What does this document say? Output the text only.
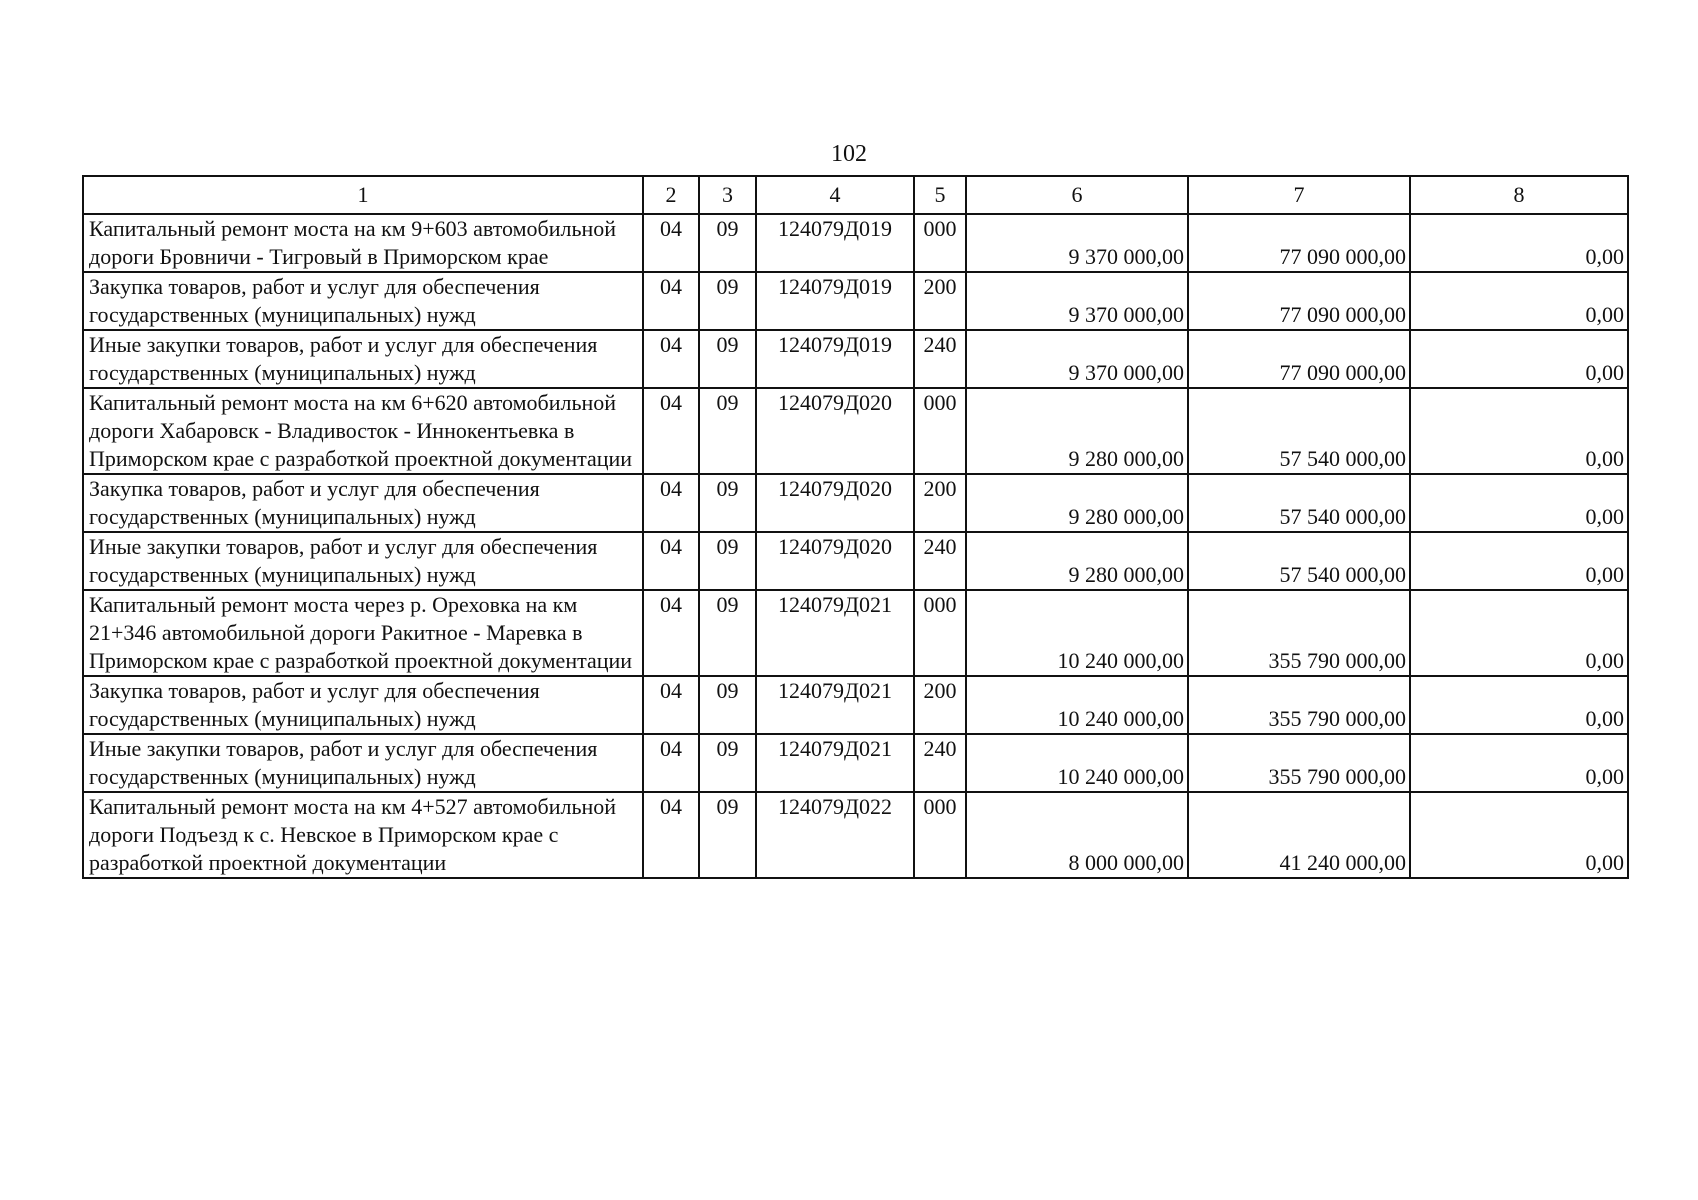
102
1	2	3	4	5	6	7	8
Капитальный ремонт моста на км 9+603 автомобильной дороги Бровничи - Тигровый в Приморском крае	04	09	124079Д019	000	9 370 000,00	77 090 000,00	0,00
Закупка товаров, работ и услуг для обеспечения государственных (муниципальных) нужд	04	09	124079Д019	200	9 370 000,00	77 090 000,00	0,00
Иные закупки товаров, работ и услуг для обеспечения государственных (муниципальных) нужд	04	09	124079Д019	240	9 370 000,00	77 090 000,00	0,00
Капитальный ремонт моста на км 6+620 автомобильной дороги Хабаровск - Владивосток - Иннокентьевка в Приморском крае с разработкой проектной документации	04	09	124079Д020	000	9 280 000,00	57 540 000,00	0,00
Закупка товаров, работ и услуг для обеспечения государственных (муниципальных) нужд	04	09	124079Д020	200	9 280 000,00	57 540 000,00	0,00
Иные закупки товаров, работ и услуг для обеспечения государственных (муниципальных) нужд	04	09	124079Д020	240	9 280 000,00	57 540 000,00	0,00
Капитальный ремонт моста через р. Ореховка на км 21+346 автомобильной дороги Ракитное - Маревка в Приморском крае с разработкой проектной документации	04	09	124079Д021	000	10 240 000,00	355 790 000,00	0,00
Закупка товаров, работ и услуг для обеспечения государственных (муниципальных) нужд	04	09	124079Д021	200	10 240 000,00	355 790 000,00	0,00
Иные закупки товаров, работ и услуг для обеспечения государственных (муниципальных) нужд	04	09	124079Д021	240	10 240 000,00	355 790 000,00	0,00
Капитальный ремонт моста на км 4+527 автомобильной дороги Подъезд к с. Невское в Приморском крае с разработкой проектной документации	04	09	124079Д022	000	8 000 000,00	41 240 000,00	0,00
